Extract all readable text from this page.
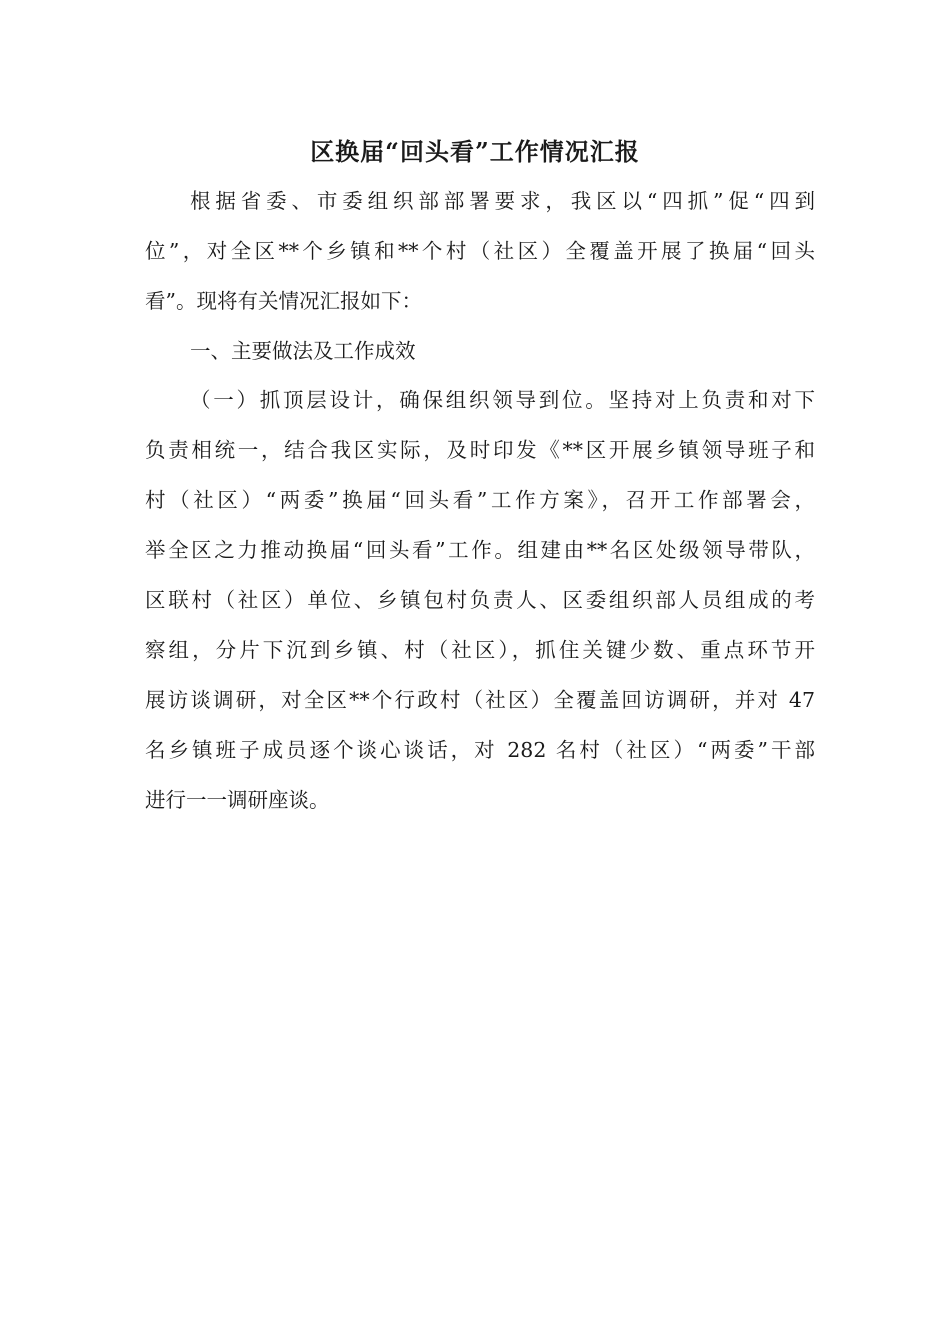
区换届“回头看”工作情况汇报

根据省委、市委组织部部署要求，我区以“四抓”促“四到

位”，对全区**个乡镇和**个村（社区）全覆盖开展了换届“回头

看”。现将有关情况汇报如下：

一、主要做法及工作成效

（一）抓顶层设计，确保组织领导到位。坚持对上负责和对下

负责相统一，结合我区实际，及时印发《**区开展乡镇领导班子和

村（社区）“两委”换届“回头看”工作方案》，召开工作部署会，

举全区之力推动换届“回头看”工作。组建由**名区处级领导带队，

区联村（社区）单位、乡镇包村负责人、区委组织部人员组成的考

察组，分片下沉到乡镇、村（社区），抓住关键少数、重点环节开

展访谈调研，对全区**个行政村（社区）全覆盖回访调研，并对 47

名乡镇班子成员逐个谈心谈话，对 282 名村（社区）“两委”干部

进行一一调研座谈。
